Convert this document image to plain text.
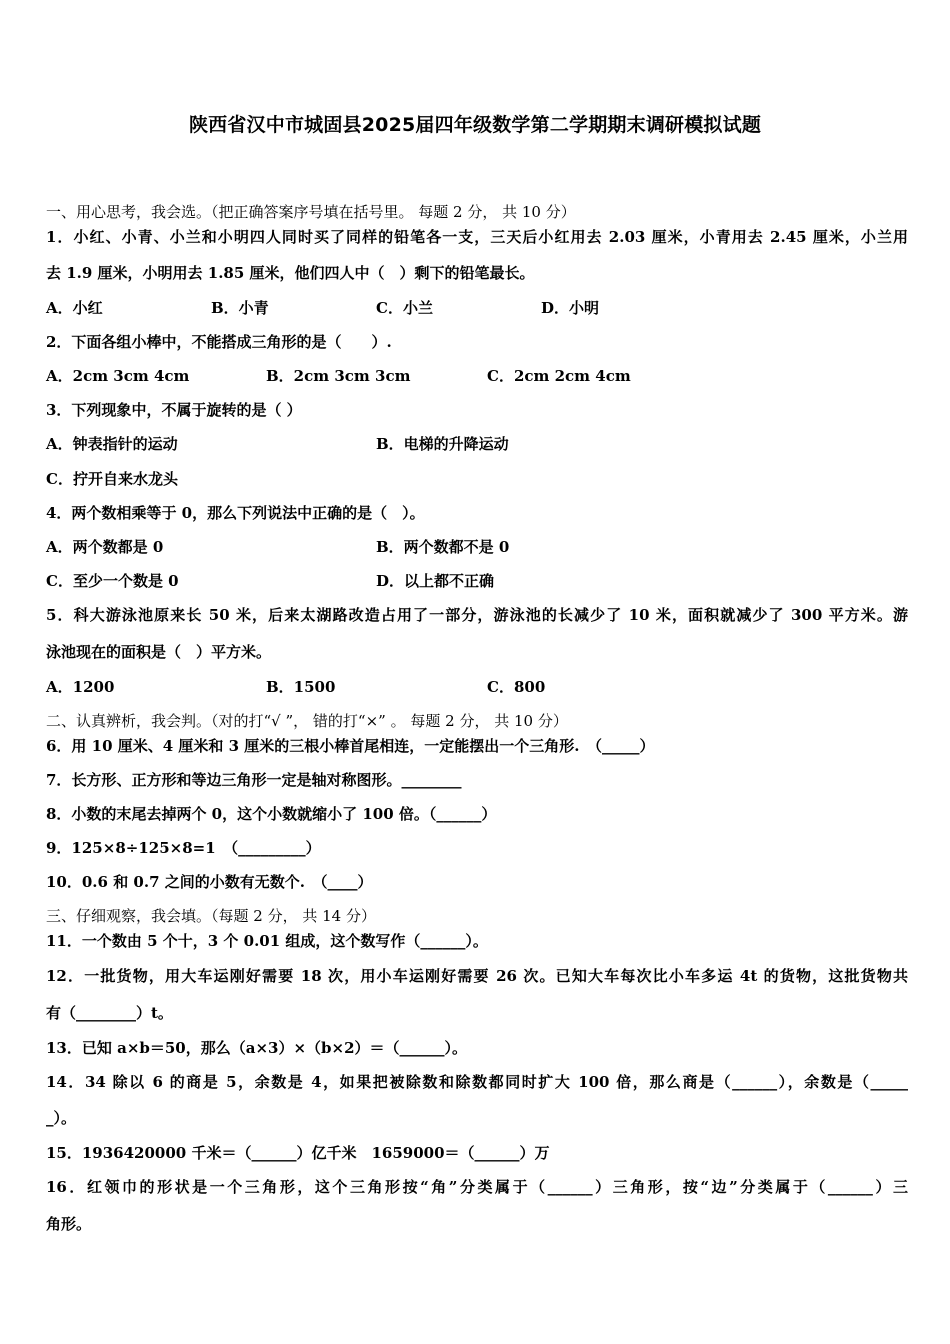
陕西省汉中市城固县2025届四年级数学第二学期期末调研模拟试题
一、用心思考，我会选。（把正确答案序号填在括号里。 每题 2 分， 共 10 分）
1．小红、小青、小兰和小明四人同时买了同样的铅笔各一支，三天后小红用去 2.03 厘米，小青用去 2.45 厘米，小兰用
去 1.9 厘米，小明用去 1.85 厘米，他们四人中（　）剩下的铅笔最长。
A．小红	B．小青	C．小兰	D．小明
2．下面各组小棒中，不能搭成三角形的是（　　）.
A．2cm 3cm 4cm	B．2cm 3cm 3cm	C．2cm 2cm 4cm
3．下列现象中，不属于旋转的是（ ）
A．钟表指针的运动	B．电梯的升降运动
C．拧开自来水龙头
4．两个数相乘等于 0，那么下列说法中正确的是（　）。
A．两个数都是 0	B．两个数都不是 0
C．至少一个数是 0	D．以上都不正确
5．科大游泳池原来长 50 米，后来太湖路改造占用了一部分，游泳池的长减少了 10 米，面积就减少了 300 平方米。游
泳池现在的面积是（　）平方米。
A．1200	B．1500	C．800
二、认真辨析，我会判。（对的打“√ ”， 错的打“×” 。 每题 2 分， 共 10 分）
6．用 10 厘米、4 厘米和 3 厘米的三根小棒首尾相连，一定能摆出一个三角形.　（_____）
7．长方形、正方形和等边三角形一定是轴对称图形。________
8．小数的末尾去掉两个 0，这个小数就缩小了 100 倍。（______）
9．125×8÷125×8=1　（_________）
10．0.6 和 0.7 之间的小数有无数个.　（____）
三、仔细观察，我会填。（每题 2 分， 共 14 分）
11．一个数由 5 个十，3 个 0.01 组成，这个数写作（______）。
12．一批货物，用大车运刚好需要 18 次，用小车运刚好需要 26 次。已知大车每次比小车多运 4t 的货物，这批货物共
有（________）t。
13．已知 a×b＝50，那么（a×3）×（b×2）＝（______）。
14．34 除以 6 的商是 5，余数是 4，如果把被除数和除数都同时扩大 100 倍，那么商是（______），余数是（_____
_）。
15．1936420000 千米＝（______）亿千米　1659000＝（______）万
16．红领巾的形状是一个三角形，这个三角形按“角”分类属于（______）三角形，按“边”分类属于（______）三
角形。
